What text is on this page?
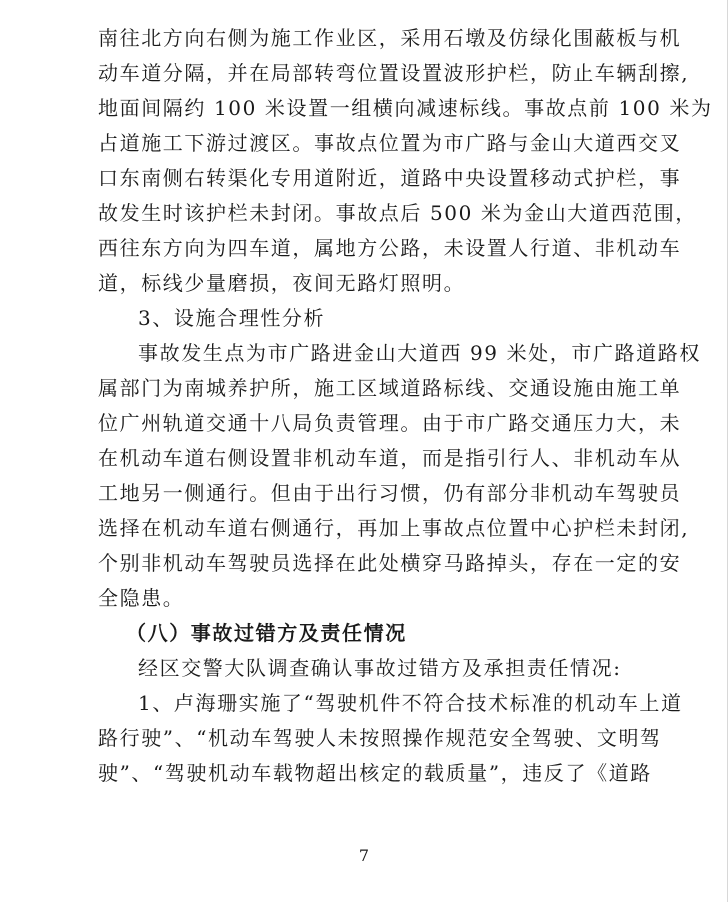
南往北方向右侧为施工作业区，采用石墩及仿绿化围蔽板与机
动车道分隔，并在局部转弯位置设置波形护栏，防止车辆刮擦,
地面间隔约 100 米设置一组横向减速标线。事故点前 100 米为
占道施工下游过渡区。事故点位置为市广路与金山大道西交叉
口东南侧右转渠化专用道附近，道路中央设置移动式护栏，事
故发生时该护栏未封闭。事故点后 500 米为金山大道西范围，
西往东方向为四车道，属地方公路，未设置人行道、非机动车
道，标线少量磨损，夜间无路灯照明。
3、设施合理性分析
事故发生点为市广路进金山大道西 99 米处，市广路道路权
属部门为南城养护所，施工区域道路标线、交通设施由施工单
位广州轨道交通十八局负责管理。由于市广路交通压力大，未
在机动车道右侧设置非机动车道，而是指引行人、非机动车从
工地另一侧通行。但由于出行习惯，仍有部分非机动车驾驶员
选择在机动车道右侧通行，再加上事故点位置中心护栏未封闭,
个别非机动车驾驶员选择在此处横穿马路掉头，存在一定的安
全隐患。
（八）事故过错方及责任情况
经区交警大队调查确认事故过错方及承担责任情况:
1、卢海珊实施了“驾驶机件不符合技术标准的机动车上道
路行驶”、“机动车驾驶人未按照操作规范安全驾驶、文明驾
驶”、“驾驶机动车载物超出核定的载质量”，违反了《道路
7
